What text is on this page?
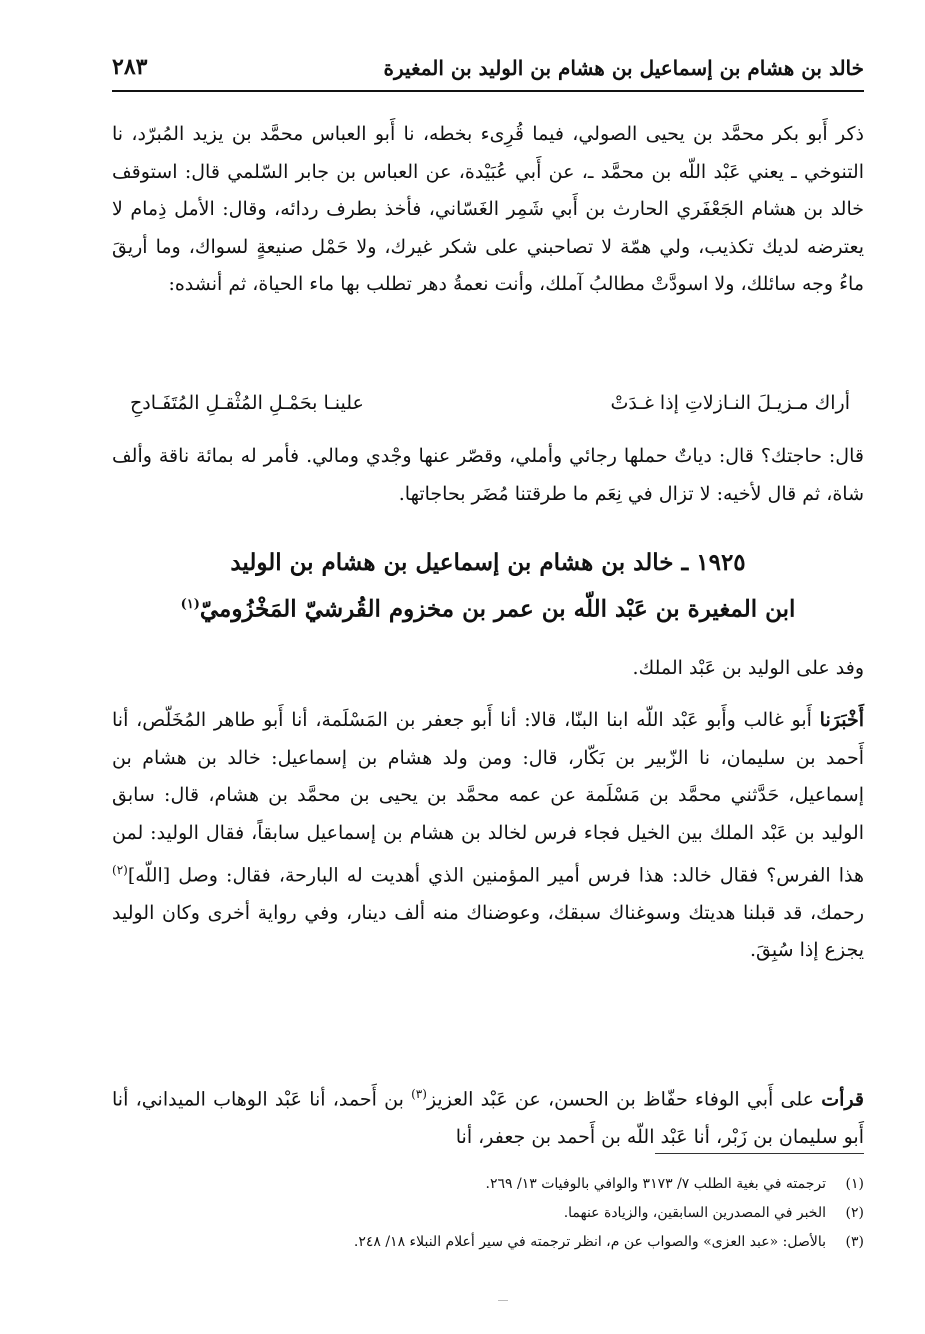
خالد بن هشام بن إسماعيل بن هشام بن الوليد بن المغيرة
٢٨٣

ذكر أَبو بكر محمَّد بن يحيى الصولي، فيما قُرِىء بخطه، نا أَبو العباس محمَّد بن يزيد المُبرّد، نا التنوخي ـ يعني عَبْد اللّه بن محمَّد ـ، عن أَبي عُبَيْدة، عن العباس بن جابر السّلمي قال: استوقف خالد بن هشام الجَعْفَري الحارث بن أَبي شَمِر الغَسّاني، فأخذ بطرف ردائه، وقال: الأمل ذِمام لا يعترضه لديك تكذيب، ولي همّة لا تصاحبني على شكر غيرك، ولا حَمْل صنيعةٍ لسواك، وما أريقَ ماءُ وجه سائلك، ولا اسودَّتْ مطالبُ آملك، وأنت نعمةُ دهر تطلب بها ماء الحياة، ثم أنشده:

أراك مـزيـلَ النـازلاتِ إذا غـدَتْ
علينـا بحَمْـلِ المُثْقـلِ المُتَفَـادحِ

قال: حاجتك؟ قال: دياتٌ حملها رجائي وأملي، وقصّر عنها وجْدي ومالي. فأمر له بمائة ناقة وألف شاة، ثم قال لأخيه: لا تزال في نِعَم ما طرقتنا مُضَر بحاجاتها.

١٩٢٥ ـ خالد بن هشام بن إسماعيل بن هشام بن الوليد
ابن المغيرة بن عَبْد اللّه بن عمر بن مخزوم القُرشيّ المَخْزُوميّ$^{(١)}$

وفد على الوليد بن عَبْد الملك.

أَخْبَرَنا أَبو غالب وأَبو عَبْد اللّه ابنا البنّا، قالا: أنا أَبو جعفر بن المَسْلَمة، أنا أَبو طاهر المُخَلّص، أنا أَحمد بن سليمان، نا الزّبير بن بَكّار، قال: ومن ولد هشام بن إسماعيل: خالد بن هشام بن إسماعيل، حَدَّثني محمَّد بن مَسْلَمة عن عمه محمَّد بن يحيى بن محمَّد بن هشام، قال: سابق الوليد بن عَبْد الملك بين الخيل فجاء فرس لخالد بن هشام بن إسماعيل سابقاً، فقال الوليد: لمن هذا الفرس؟ فقال خالد: هذا فرس أمير المؤمنين الذي أهديت له البارحة، فقال: وصل [اللّه]$^{(٢)}$ رحمك، قد قبلنا هديتك وسوغناك سبقك، وعوضناك منه ألف دينار، وفي رواية أخرى وكان الوليد يجزع إذا سُبِقَ.

قرأت على أَبي الوفاء حفّاظ بن الحسن، عن عَبْد العزيز$^{(٣)}$ بن أَحمد، أنا عَبْد الوهاب الميداني، أنا أَبو سليمان بن زَبْر، أنا عَبْد اللّه بن أَحمد بن جعفر، أنا

(١)ترجمته في بغية الطلب ٧/ ٣١٧٣ والوافي بالوفيات ١٣/ ٢٦٩.

(٢)الخبر في المصدرين السابقين، والزيادة عنهما.

(٣)بالأصل: «عبد العزى» والصواب عن م، انظر ترجمته في سير أعلام النبلاء ١٨/ ٢٤٨.
